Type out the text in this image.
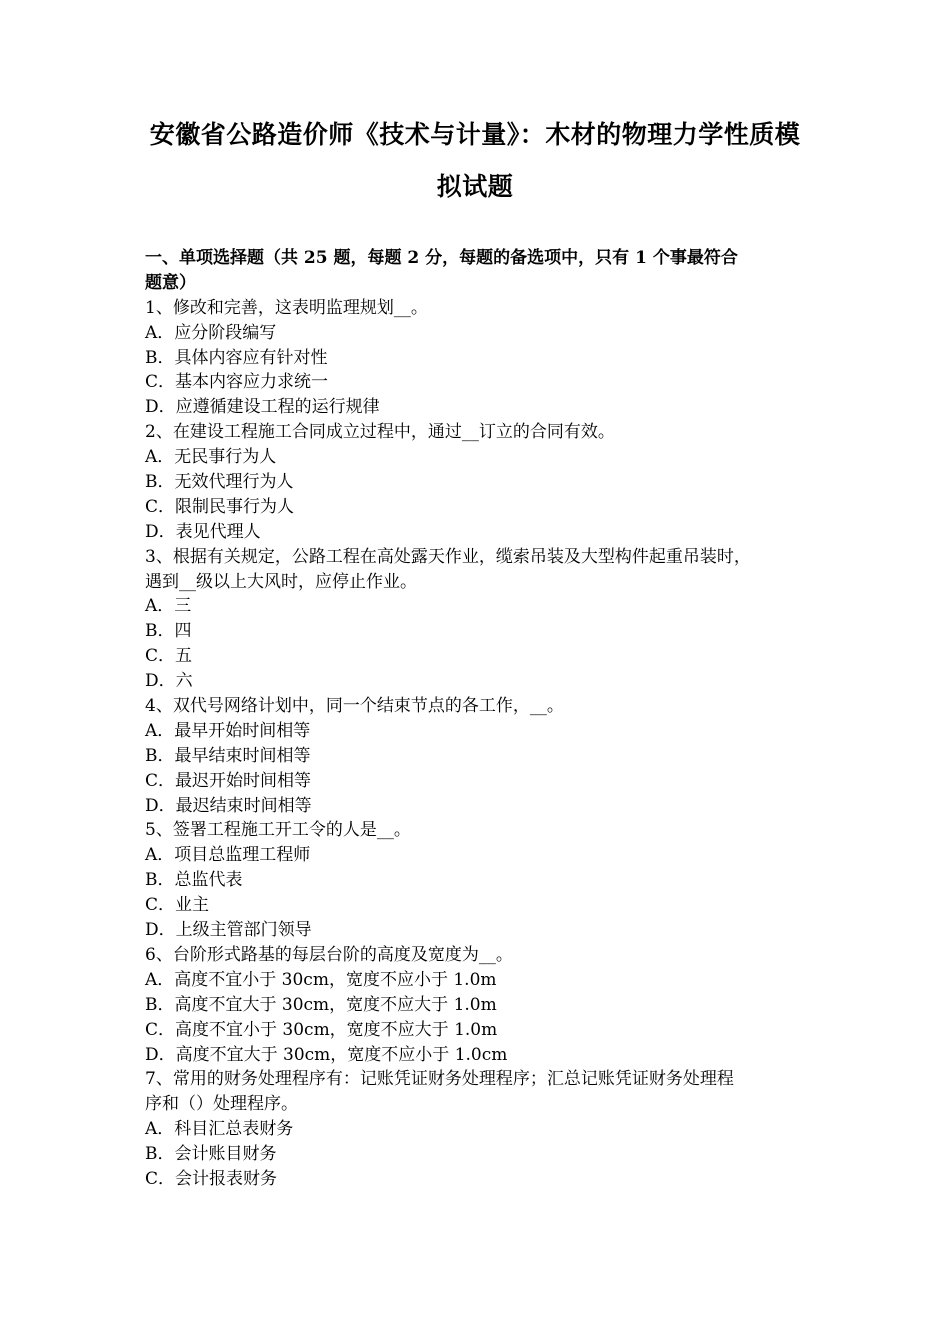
安徽省公路造价师《技术与计量》：木材的物理力学性质模
拟试题
一、单项选择题（共 25 题，每题 2 分，每题的备选项中，只有 1 个事最符合
题意）
1、修改和完善，这表明监理规划__。
A．应分阶段编写
B．具体内容应有针对性
C．基本内容应力求统一
D．应遵循建设工程的运行规律
2、在建设工程施工合同成立过程中，通过__订立的合同有效。
A．无民事行为人
B．无效代理行为人
C．限制民事行为人
D．表见代理人
3、根据有关规定，公路工程在高处露天作业，缆索吊装及大型构件起重吊装时，
遇到__级以上大风时，应停止作业。
A．三
B．四
C．五
D．六
4、双代号网络计划中，同一个结束节点的各工作，__。
A．最早开始时间相等
B．最早结束时间相等
C．最迟开始时间相等
D．最迟结束时间相等
5、签署工程施工开工令的人是__。
A．项目总监理工程师
B．总监代表
C．业主
D．上级主管部门领导
6、台阶形式路基的每层台阶的高度及宽度为__。
A．高度不宜小于 30cm，宽度不应小于 1.0m
B．高度不宜大于 30cm，宽度不应大于 1.0m
C．高度不宜小于 30cm，宽度不应大于 1.0m
D．高度不宜大于 30cm，宽度不应小于 1.0cm
7、常用的财务处理程序有：记账凭证财务处理程序；汇总记账凭证财务处理程
序和（）处理程序。
A．科目汇总表财务
B．会计账目财务
C．会计报表财务
